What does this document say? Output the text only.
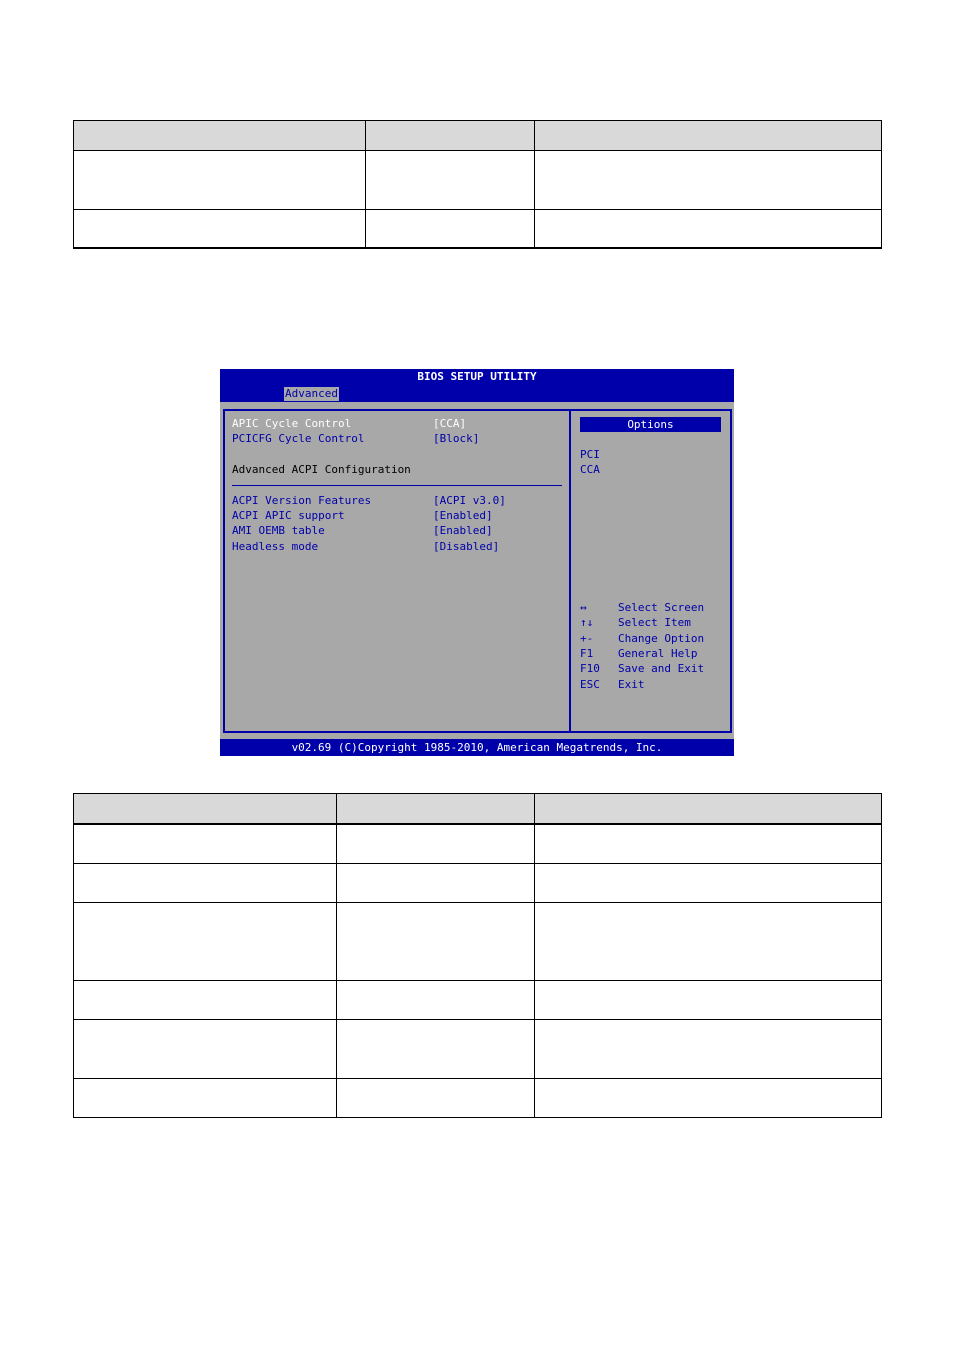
BIOS SETUP UTILITY
Advanced
APIC Cycle Control	[CCA]
PCICFG Cycle Control	[Block]
Advanced ACPI Configuration
ACPI Version Features	[ACPI v3.0]
ACPI APIC support	[Enabled]
AMI OEMB table	[Enabled]
Headless mode	[Disabled]
Options
PCI
CCA
↔	Select Screen
↑↓ Select Item
+- Change Option
F1 General Help
F10 Save and Exit
ESC Exit
v02.69 (C)Copyright 1985-2010, American Megatrends, Inc.
